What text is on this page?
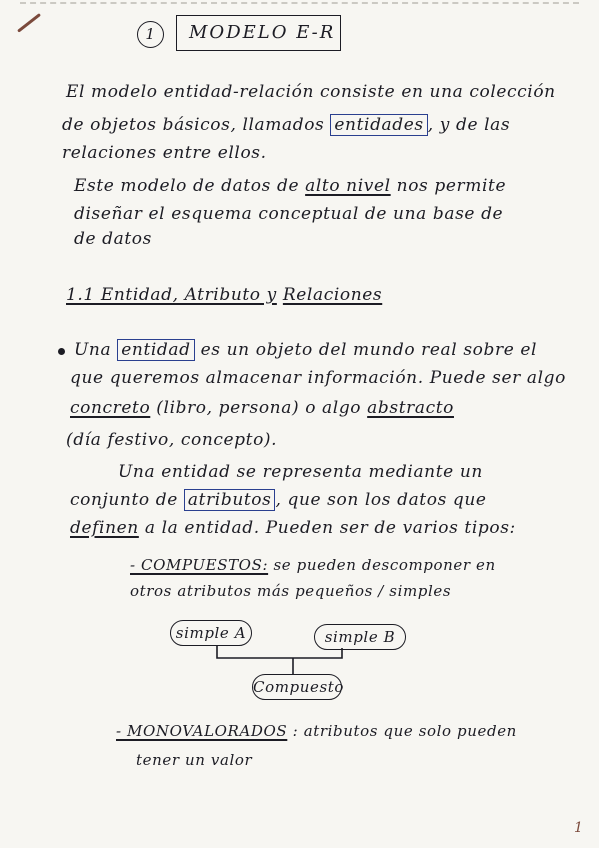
1	MODELO E-R
El modelo entidad-relación consiste en una colección
de objetos básicos, llamados entidades , y de las
relaciones entre ellos.
Este modelo de datos de alto nivel nos permite
diseñar el esquema conceptual de una base de
de datos
1.1 Entidad, Atributo y Relaciones
Una entidad es un objeto del mundo real sobre el
que queremos almacenar información. Puede ser algo
concreto (libro, persona) o algo abstracto
(día festivo, concepto).
Una entidad se representa mediante un
conjunto de atributos , que son los datos que
definen a la entidad. Pueden ser de varios tipos:
- COMPUESTOS: se pueden descomponer en
otros atributos más pequeños / simples
simple A	simple B
Compuesto
- MONOVALORADOS : atributos que solo pueden
tener un valor
1
